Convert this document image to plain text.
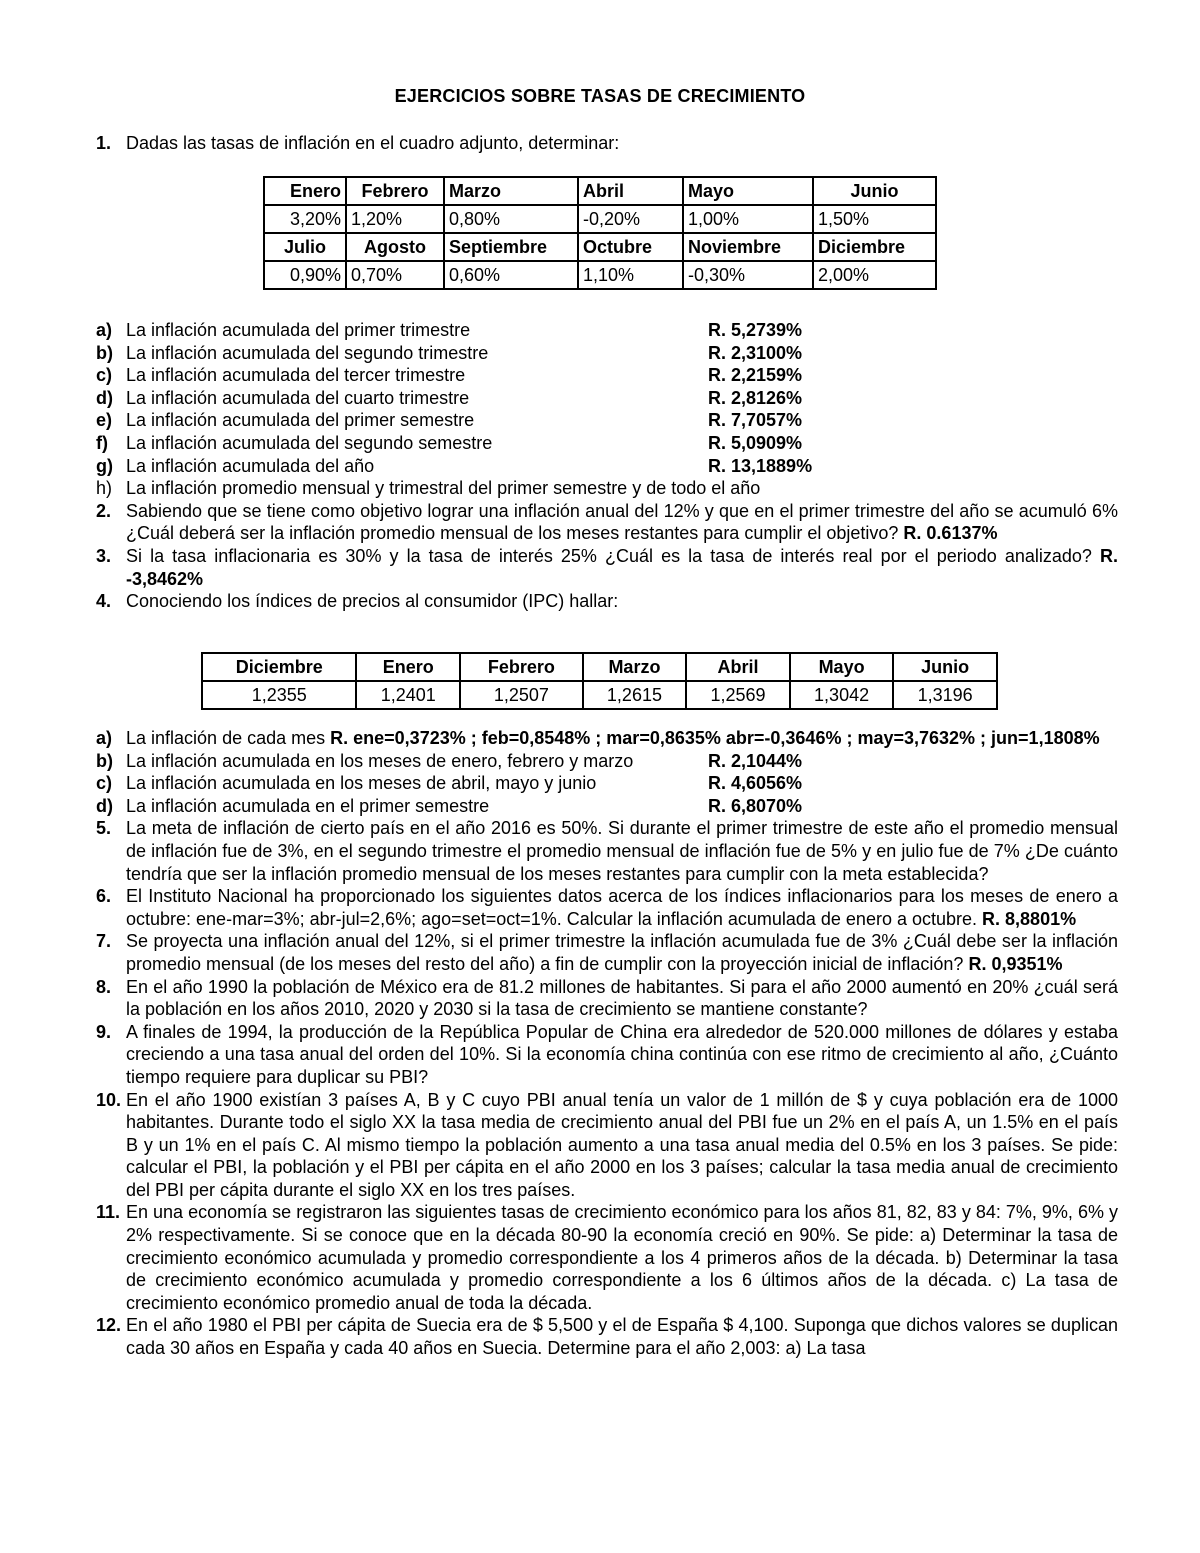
EJERCICIOS SOBRE TASAS DE CRECIMIENTO
1. Dadas las tasas de inflación en el cuadro adjunto, determinar:
Enero	Febrero	Marzo	Abril	Mayo	Junio
3,20%	1,20%	0,80%	-0,20%	1,00%	1,50%
Julio	Agosto	Septiembre	Octubre	Noviembre	Diciembre
0,90%	0,70%	0,60%	1,10%	-0,30%	2,00%
a) La inflación acumulada del primer trimestre	R. 5,2739%
b) La inflación acumulada del segundo trimestre	R. 2,3100%
c) La inflación acumulada del tercer trimestre	R. 2,2159%
d) La inflación acumulada del cuarto trimestre	R. 2,8126%
e) La inflación acumulada del primer semestre	R. 7,7057%
f) La inflación acumulada del segundo semestre	R. 5,0909%
g) La inflación acumulada del año	R. 13,1889%
h) La inflación promedio mensual y trimestral del primer semestre y de todo el año
2. Sabiendo que se tiene como objetivo lograr una inflación anual del 12% y que en el primer trimestre del año se acumuló 6% ¿Cuál deberá ser la inflación promedio mensual de los meses restantes para cumplir el objetivo? R. 0.6137%
3. Si la tasa inflacionaria es 30% y la tasa de interés 25% ¿Cuál es la tasa de interés real por el periodo analizado? R. -3,8462%
4. Conociendo los índices de precios al consumidor (IPC) hallar:
Diciembre	Enero	Febrero	Marzo	Abril	Mayo	Junio
1,2355	1,2401	1,2507	1,2615	1,2569	1,3042	1,3196
a) La inflación de cada mes R. ene=0,3723% ; feb=0,8548% ; mar=0,8635% abr=-0,3646% ; may=3,7632% ; jun=1,1808%
b) La inflación acumulada en los meses de enero, febrero y marzo	R. 2,1044%
c) La inflación acumulada en los meses de abril, mayo y junio	R. 4,6056%
d) La inflación acumulada en el primer semestre	R. 6,8070%
5. La meta de inflación de cierto país en el año 2016 es 50%. Si durante el primer trimestre de este año el promedio mensual de inflación fue de 3%, en el segundo trimestre el promedio mensual de inflación fue de 5% y en julio fue de 7% ¿De cuánto tendría que ser la inflación promedio mensual de los meses restantes para cumplir con la meta establecida?
6. El Instituto Nacional ha proporcionado los siguientes datos acerca de los índices inflacionarios para los meses de enero a octubre: ene-mar=3%; abr-jul=2,6%; ago=set=oct=1%. Calcular la inflación acumulada de enero a octubre. R. 8,8801%
7. Se proyecta una inflación anual del 12%, si el primer trimestre la inflación acumulada fue de 3% ¿Cuál debe ser la inflación promedio mensual (de los meses del resto del año) a fin de cumplir con la proyección inicial de inflación? R. 0,9351%
8. En el año 1990 la población de México era de 81.2 millones de habitantes. Si para el año 2000 aumentó en 20% ¿cuál será la población en los años 2010, 2020 y 2030 si la tasa de crecimiento se mantiene constante?
9. A finales de 1994, la producción de la República Popular de China era alrededor de 520.000 millones de dólares y estaba creciendo a una tasa anual del orden del 10%. Si la economía china continúa con ese ritmo de crecimiento al año, ¿Cuánto tiempo requiere para duplicar su PBI?
10. En el año 1900 existían 3 países A, B y C cuyo PBI anual tenía un valor de 1 millón de $ y cuya población era de 1000 habitantes. Durante todo el siglo XX la tasa media de crecimiento anual del PBI fue un 2% en el país A, un 1.5% en el país B y un 1% en el país C. Al mismo tiempo la población aumento a una tasa anual media del 0.5% en los 3 países. Se pide: calcular el PBI, la población y el PBI per cápita en el año 2000 en los 3 países; calcular la tasa media anual de crecimiento del PBI per cápita durante el siglo XX en los tres países.
11. En una economía se registraron las siguientes tasas de crecimiento económico para los años 81, 82, 83 y 84: 7%, 9%, 6% y 2% respectivamente. Si se conoce que en la década 80-90 la economía creció en 90%. Se pide: a) Determinar la tasa de crecimiento económico acumulada y promedio correspondiente a los 4 primeros años de la década. b) Determinar la tasa de crecimiento económico acumulada y promedio correspondiente a los 6 últimos años de la década. c) La tasa de crecimiento económico promedio anual de toda la década.
12. En el año 1980 el PBI per cápita de Suecia era de $ 5,500 y el de España $ 4,100. Suponga que dichos valores se duplican cada 30 años en España y cada 40 años en Suecia. Determine para el año 2,003: a) La tasa
